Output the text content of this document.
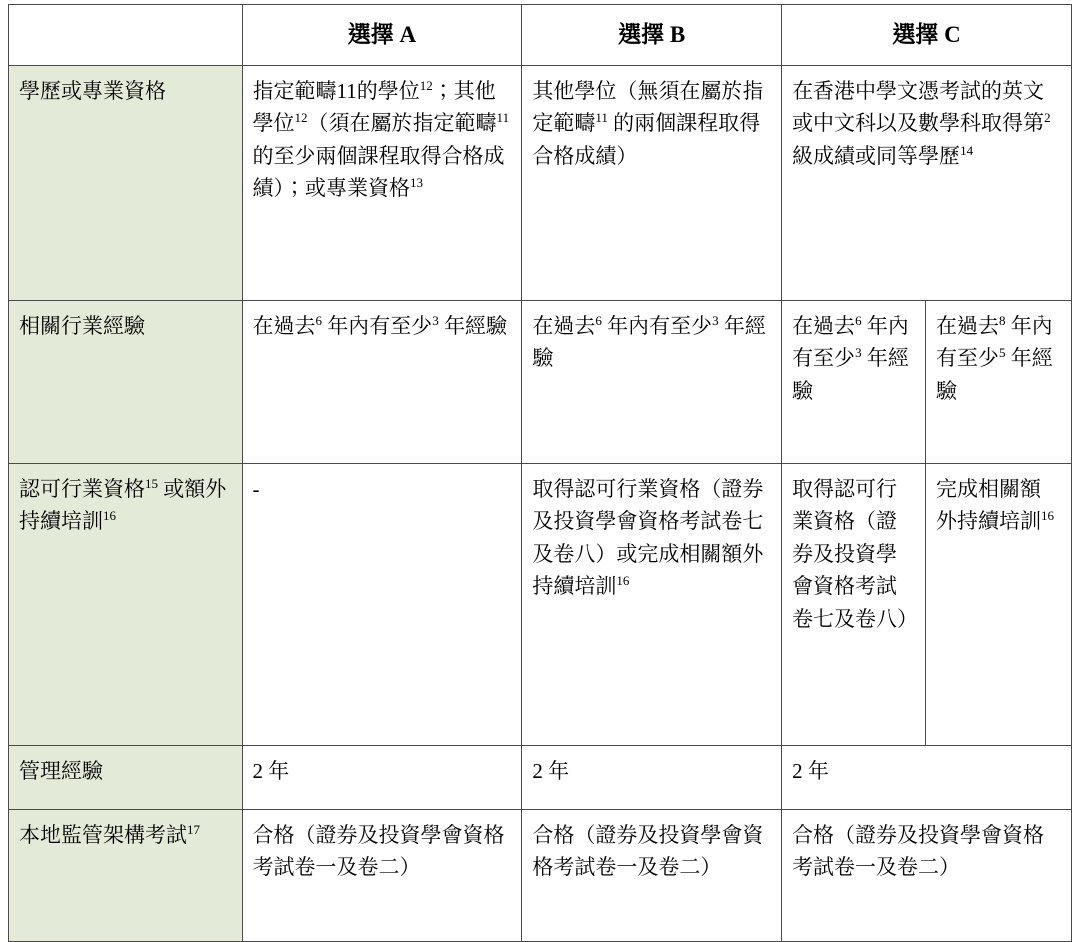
	選擇 A	選擇 B	選擇 C	
學歷或專業資格	指定範疇11的學位$^{12}$；其他學位$^{12}$（須在屬於指定範疇$^{11}$ 的至少兩個課程取得合格成績）；或專業資格$^{13}$	其他學位（無須在屬於指定範疇$^{11}$ 的兩個課程取得合格成績）	在香港中學文憑考試的英文或中文科以及數學科取得第$^2$ 級成績或同等學歷$^{14}$
相關行業經驗	在過去$^6$ 年內有至少$^3$ 年經驗	在過去$^6$ 年內有至少$^3$ 年經驗	在過去$^6$ 年內有至少$^3$ 年經驗	在過去$^8$ 年內有至少$^5$ 年經驗
認可行業資格$^{15}$ 或額外持續培訓$^{16}$	-	取得認可行業資格（證券及投資學會資格考試卷七及卷八）或完成相關額外持續培訓$^{16}$	取得認可行業資格（證券及投資學會資格考試卷七及卷八）	完成相關額外持續培訓$^{16}$
管理經驗	2 年	2 年	2 年	
本地監管架構考試$^{17}$	合格（證券及投資學會資格考試卷一及卷二）	合格（證券及投資學會資格考試卷一及卷二）	合格（證券及投資學會資格考試卷一及卷二）	
